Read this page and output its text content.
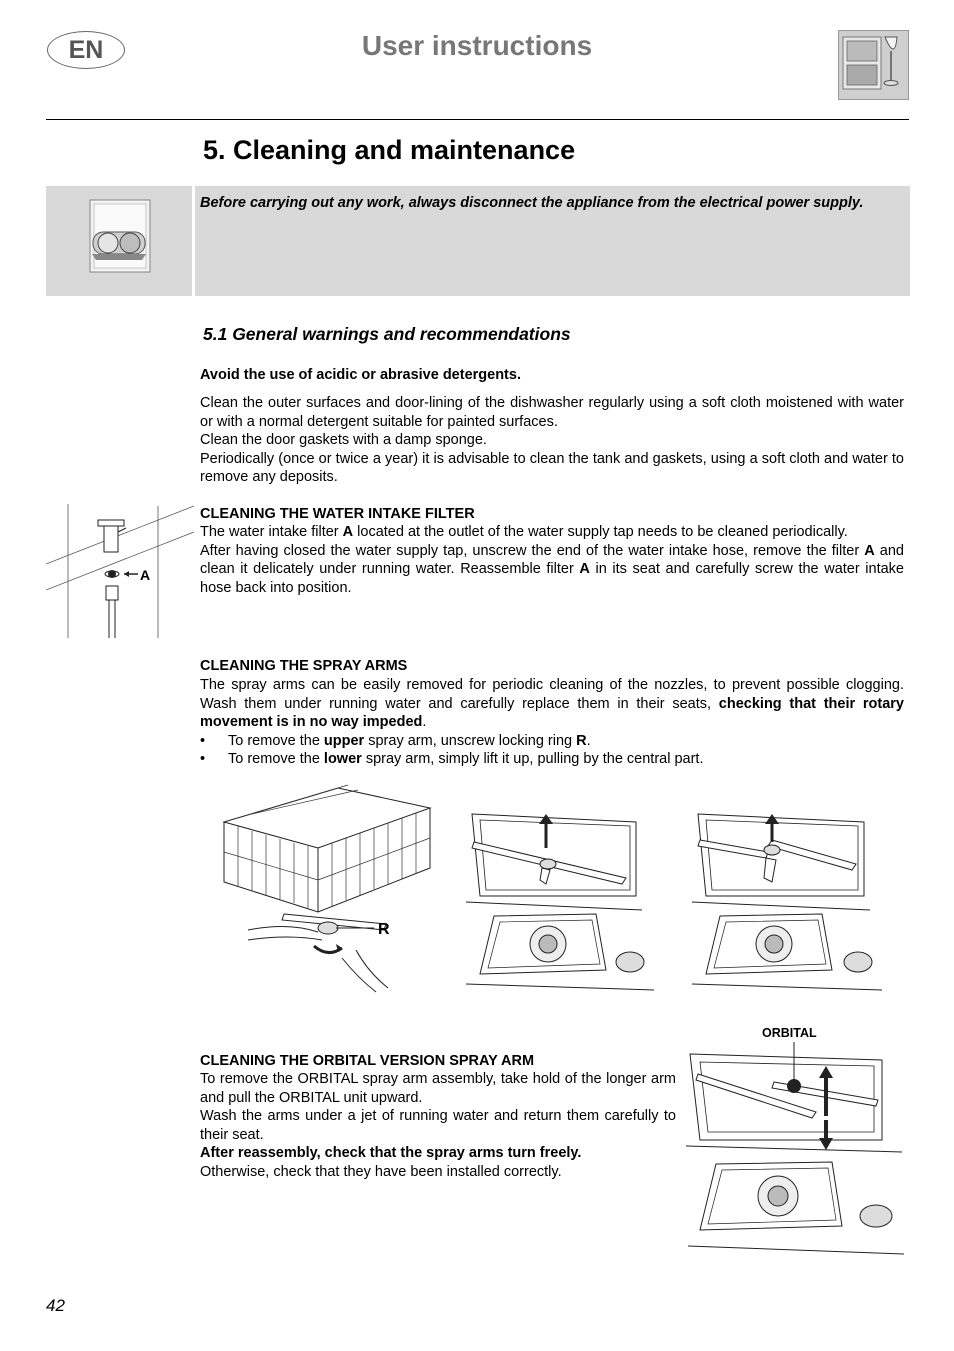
EN	User instructions
5. Cleaning and maintenance
Before carrying out any work, always disconnect the appliance from the electrical power supply.
5.1 General warnings and recommendations
Avoid the use of acidic or abrasive detergents.
Clean the outer surfaces and door-lining of the dishwasher regularly using a soft cloth moistened with water or with a normal detergent suitable for painted surfaces.
Clean the door gaskets with a damp sponge.
Periodically (once or twice a year) it is advisable to clean the tank and gaskets, using a soft cloth and water to remove any deposits.
A
CLEANING THE WATER INTAKE FILTER
The water intake filter A located at the outlet of the water supply tap needs to be cleaned periodically.
After having closed the water supply tap, unscrew the end of the water intake hose, remove the filter A and clean it delicately under running water. Reassemble filter A in its seat and carefully screw the water intake hose back into position.
CLEANING THE SPRAY ARMS
The spray arms can be easily removed for periodic cleaning of the nozzles, to prevent possible clogging. Wash them under running water and carefully replace them in their seats, checking that their rotary movement is in no way impeded.
• To remove the upper spray arm, unscrew locking ring R.
• To remove the lower spray arm, simply lift it up, pulling by the central part.
R
CLEANING THE ORBITAL VERSION SPRAY ARM
To remove the ORBITAL spray arm assembly, take hold of the longer arm and pull the ORBITAL unit upward.
Wash the arms under a jet of running water and return them carefully to their seat.
After reassembly, check that the spray arms turn freely.
Otherwise, check that they have been installed correctly.
ORBITAL
42
